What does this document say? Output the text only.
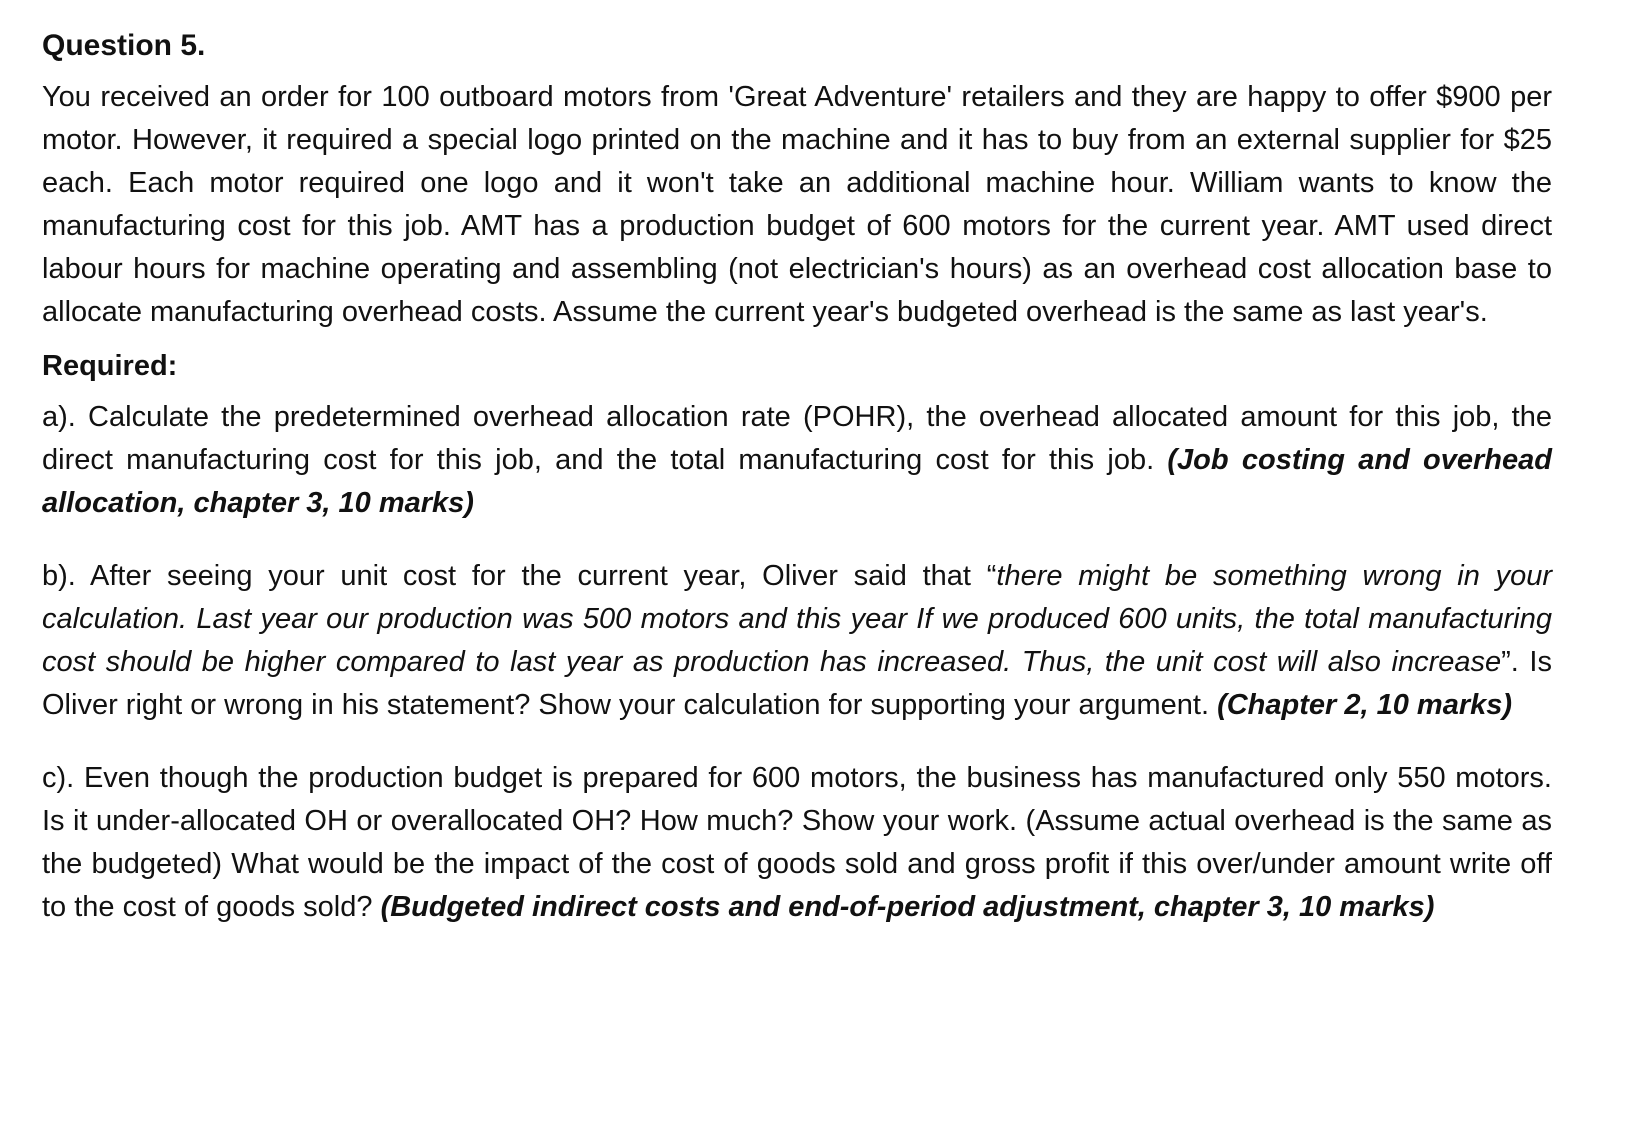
Question 5.

You received an order for 100 outboard motors from 'Great Adventure' retailers and they are happy to offer $900 per motor. However, it required a special logo printed on the machine and it has to buy from an external supplier for $25 each. Each motor required one logo and it won't take an additional machine hour. William wants to know the manufacturing cost for this job. AMT has a production budget of 600 motors for the current year. AMT used direct labour hours for machine operating and assembling (not electrician's hours) as an overhead cost allocation base to allocate manufacturing overhead costs. Assume the current year's budgeted overhead is the same as last year's.

Required:

a). Calculate the predetermined overhead allocation rate (POHR), the overhead allocated amount for this job, the direct manufacturing cost for this job, and the total manufacturing cost for this job. (Job costing and overhead allocation, chapter 3, 10 marks)

b). After seeing your unit cost for the current year, Oliver said that “there might be something wrong in your calculation. Last year our production was 500 motors and this year If we produced 600 units, the total manufacturing cost should be higher compared to last year as production has increased. Thus, the unit cost will also increase”. Is Oliver right or wrong in his statement? Show your calculation for supporting your argument. (Chapter 2, 10 marks)

c). Even though the production budget is prepared for 600 motors, the business has manufactured only 550 motors. Is it under-allocated OH or overallocated OH? How much? Show your work. (Assume actual overhead is the same as the budgeted) What would be the impact of the cost of goods sold and gross profit if this over/under amount write off to the cost of goods sold? (Budgeted indirect costs and end-of-period adjustment, chapter 3, 10 marks)
